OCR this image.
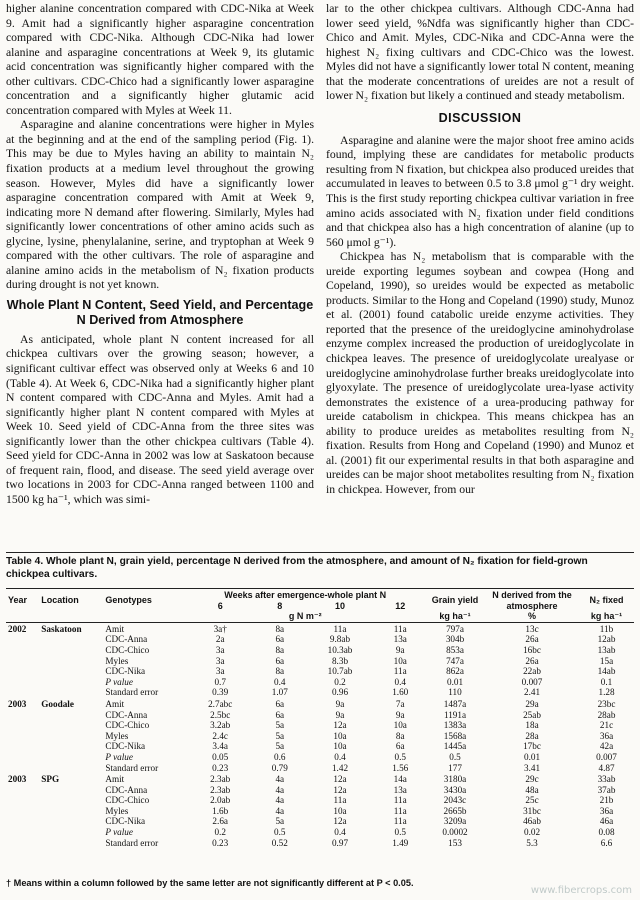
higher alanine concentration compared with CDC-Nika at Week 9. Amit had a significantly higher asparagine concentration compared with CDC-Nika. Although CDC-Nika had lower alanine and asparagine concentrations at Week 9, its glutamic acid concentration was significantly higher compared with the other cultivars. CDC-Chico had a significantly lower asparagine concentration and a significantly higher glutamic acid concentration compared with Myles at Week 11.

Asparagine and alanine concentrations were higher in Myles at the beginning and at the end of the sampling period (Fig. 1). This may be due to Myles having an ability to maintain N₂ fixation products at a medium level throughout the growing season. However, Myles did have a significantly lower asparagine concentration compared with Amit at Week 9, indicating more N demand after flowering. Similarly, Myles had significantly lower concentrations of other amino acids such as glycine, lysine, phenylalanine, serine, and tryptophan at Week 9 compared with the other cultivars. The role of asparagine and alanine amino acids in the metabolism of N₂ fixation products during drought is not yet known.

Whole Plant N Content, Seed Yield, and Percentage N Derived from Atmosphere

As anticipated, whole plant N content increased for all chickpea cultivars over the growing season; however, a significant cultivar effect was observed only at Weeks 6 and 10 (Table 4). At Week 6, CDC-Nika had a significantly higher plant N content compared with CDC-Anna and Myles. Amit had a significantly higher plant N content compared with Myles at Week 10. Seed yield of CDC-Anna from the three sites was significantly lower than the other chickpea cultivars (Table 4). Seed yield for CDC-Anna in 2002 was low at Saskatoon because of frequent rain, flood, and disease. The seed yield average over two locations in 2003 for CDC-Anna ranged between 1100 and 1500 kg ha⁻¹, which was simi-

lar to the other chickpea cultivars. Although CDC-Anna had lower seed yield, %Ndfa was significantly higher than CDC-Chico and Amit. Myles, CDC-Nika and CDC-Anna were the highest N₂ fixing cultivars and CDC-Chico was the lowest. Myles did not have a significantly lower total N content, meaning that the moderate concentrations of ureides are not a result of lower N₂ fixation but likely a continued and steady metabolism.

DISCUSSION

Asparagine and alanine were the major shoot free amino acids found, implying these are candidates for metabolic products resulting from N fixation, but chickpea also produced ureides that accumulated in leaves to between 0.5 to 3.8 μmol g⁻¹ dry weight. This is the first study reporting chickpea cultivar variation in free amino acids associated with N₂ fixation under field conditions and that chickpea also has a high concentration of alanine (up to 560 μmol g⁻¹).

Chickpea has N₂ metabolism that is comparable with the ureide exporting legumes soybean and cowpea (Hong and Copeland, 1990), so ureides would be expected as metabolic products. Similar to the Hong and Copeland (1990) study, Munoz et al. (2001) found catabolic ureide enzyme activities. They reported that the presence of the ureidoglycine aminohydrolase enzyme complex increased the production of ureidoglycolate in chickpea leaves. The presence of ureidoglycolate urealyase or ureidoglycine aminohydrolase further breaks ureidoglycolate into glyoxylate. The presence of ureidoglycolate urea-lyase activity demonstrates the existence of a urea-producing pathway for ureide catabolism in chickpea. This means chickpea has an ability to produce ureides as metabolites resulting from N₂ fixation. Results from Hong and Copeland (1990) and Munoz et al. (2001) fit our experimental results in that both asparagine and ureides can be major shoot metabolites resulting from N₂ fixation in chickpea. However, from our

Table 4. Whole plant N, grain yield, percentage N derived from the atmosphere, and amount of N₂ fixation for field-grown chickpea cultivars.
Year	Location	Genotypes	Weeks after emergence-whole plant N				Grain yield	N derived from the atmosphere	N₂ fixed
			6	8	10	12			
			g N m⁻²				kg ha⁻¹	%	kg ha⁻¹
2002	Saskatoon	Amit	3a†	8a	11a	11a	797a	13c	11b
		CDC-Anna	2a	6a	9.8ab	13a	304b	26a	12ab
		CDC-Chico	3a	8a	10.3ab	9a	853a	16bc	13ab
		Myles	3a	6a	8.3b	10a	747a	26a	15a
		CDC-Nika	3a	8a	10.7ab	11a	862a	22ab	14ab
		P value	0.7	0.4	0.2	0.4	0.01	0.007	0.1
		Standard error	0.39	1.07	0.96	1.60	110	2.41	1.28
2003	Goodale	Amit	2.7abc	6a	9a	7a	1487a	29a	23bc
		CDC-Anna	2.5bc	6a	9a	9a	1191a	25ab	28ab
		CDC-Chico	3.2ab	5a	12a	10a	1383a	18a	21c
		Myles	2.4c	5a	10a	8a	1568a	28a	36a
		CDC-Nika	3.4a	5a	10a	6a	1445a	17bc	42a
		P value	0.05	0.6	0.4	0.5	0.5	0.01	0.007
		Standard error	0.23	0.79	1.42	1.56	177	3.41	4.87
2003	SPG	Amit	2.3ab	4a	12a	14a	3180a	29c	33ab
		CDC-Anna	2.3ab	4a	12a	13a	3430a	48a	37ab
		CDC-Chico	2.0ab	4a	11a	11a	2043c	25c	21b
		Myles	1.6b	4a	10a	11a	2665b	31bc	36a
		CDC-Nika	2.6a	5a	12a	11a	3209a	46ab	46a
		P value	0.2	0.5	0.4	0.5	0.0002	0.02	0.08
		Standard error	0.23	0.52	0.97	1.49	153	5.3	6.6
† Means within a column followed by the same letter are not significantly different at P < 0.05.
www.fibercrops.com
